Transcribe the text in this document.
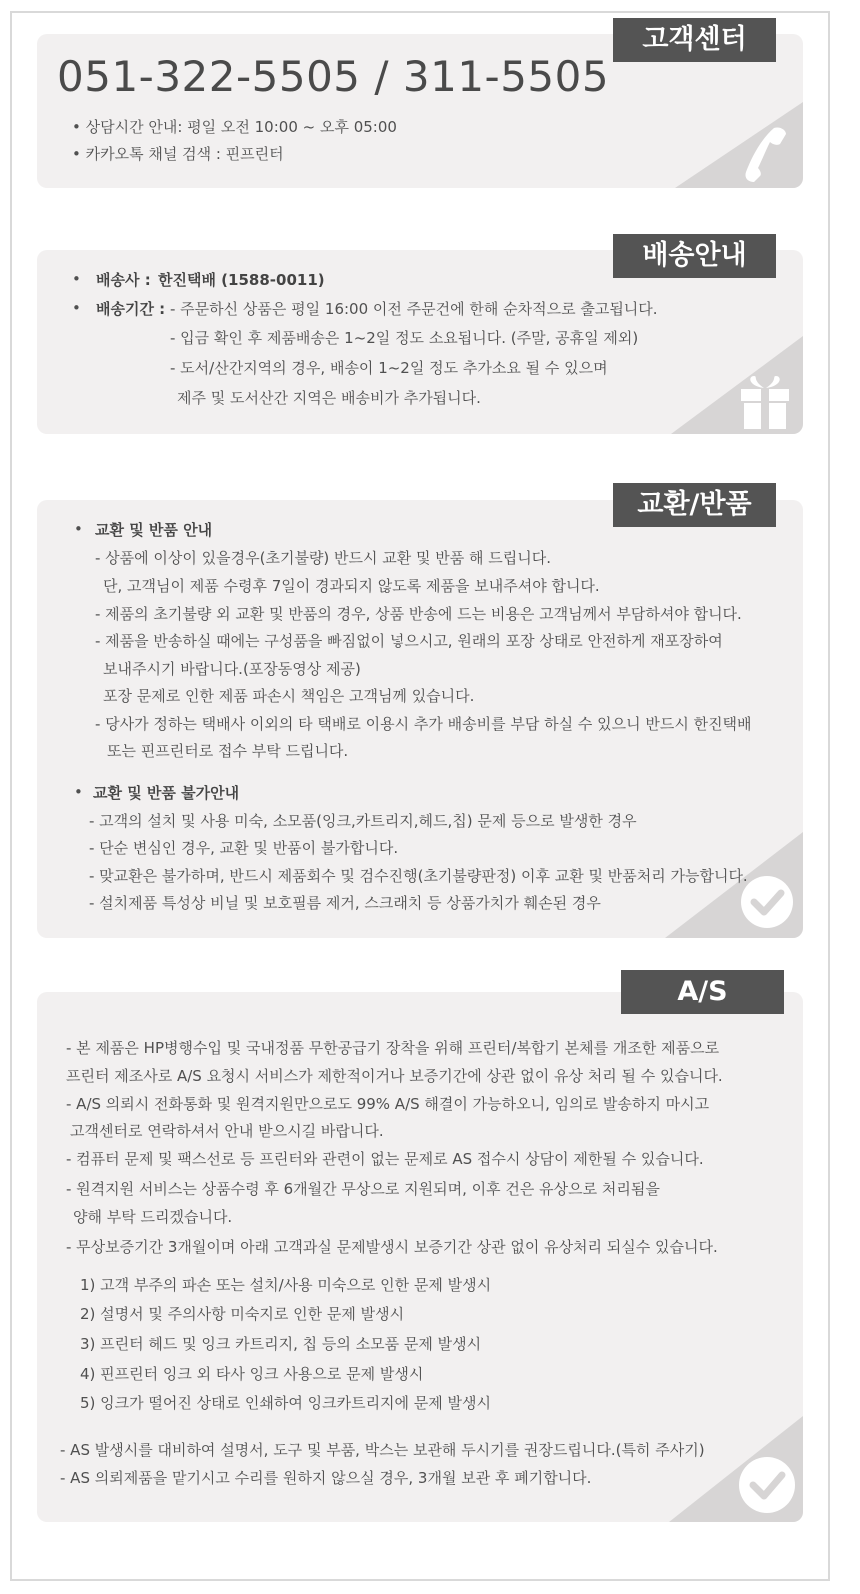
고객센터
051-322-5505 / 311-5505
• 상담시간 안내: 평일 오전 10:00 ~ 오후 05:00
• 카카오톡 채널 검색 : 핀프린터
배송안내
• 배송사 : 한진택배 (1588-0011)
• 배송기간 : - 주문하신 상품은 평일 16:00 이전 주문건에 한해 순차적으로 출고됩니다.
- 입금 확인 후 제품배송은 1~2일 정도 소요됩니다. (주말, 공휴일 제외)
- 도서/산간지역의 경우, 배송이 1~2일 정도 추가소요 될 수 있으며
제주 및 도서산간 지역은 배송비가 추가됩니다.
교환/반품
• 교환 및 반품 안내
- 상품에 이상이 있을경우(초기불량) 반드시 교환 및 반품 해 드립니다.
단, 고객님이 제품 수령후 7일이 경과되지 않도록 제품을 보내주셔야 합니다.
- 제품의 초기불량 외 교환 및 반품의 경우, 상품 반송에 드는 비용은 고객님께서 부담하셔야 합니다.
- 제품을 반송하실 때에는 구성품을 빠짐없이 넣으시고, 원래의 포장 상태로 안전하게 재포장하여
보내주시기 바랍니다.(포장동영상 제공)
포장 문제로 인한 제품 파손시 책임은 고객님께 있습니다.
- 당사가 정하는 택배사 이외의 타 택배로 이용시 추가 배송비를 부담 하실 수 있으니 반드시 한진택배
또는 핀프린터로 접수 부탁 드립니다.
• 교환 및 반품 불가안내
- 고객의 설치 및 사용 미숙, 소모품(잉크,카트리지,헤드,칩) 문제 등으로 발생한 경우
- 단순 변심인 경우, 교환 및 반품이 불가합니다.
- 맞교환은 불가하며, 반드시 제품회수 및 검수진행(초기불량판정) 이후 교환 및 반품처리 가능합니다.
- 설치제품 특성상 비닐 및 보호필름 제거, 스크래치 등 상품가치가 훼손된 경우
A/S
- 본 제품은 HP병행수입 및 국내정품 무한공급기 장착을 위해 프린터/복합기 본체를 개조한 제품으로
프린터 제조사로 A/S 요청시 서비스가 제한적이거나 보증기간에 상관 없이 유상 처리 될 수 있습니다.
- A/S 의뢰시 전화통화 및 원격지원만으로도 99% A/S 해결이 가능하오니, 임의로 발송하지 마시고
고객센터로 연락하셔서 안내 받으시길 바랍니다.
- 컴퓨터 문제 및 팩스선로 등 프린터와 관련이 없는 문제로 AS 접수시 상담이 제한될 수 있습니다.
- 원격지원 서비스는 상품수령 후 6개월간 무상으로 지원되며, 이후 건은 유상으로 처리됨을
양해 부탁 드리겠습니다.
- 무상보증기간 3개월이며 아래 고객과실 문제발생시 보증기간 상관 없이 유상처리 되실수 있습니다.
1) 고객 부주의 파손 또는 설치/사용 미숙으로 인한 문제 발생시
2) 설명서 및 주의사항 미숙지로 인한 문제 발생시
3) 프린터 헤드 및 잉크 카트리지, 칩 등의 소모품 문제 발생시
4) 핀프린터 잉크 외 타사 잉크 사용으로 문제 발생시
5) 잉크가 떨어진 상태로 인쇄하여 잉크카트리지에 문제 발생시
- AS 발생시를 대비하여 설명서, 도구 및 부품, 박스는 보관해 두시기를 권장드립니다.(특히 주사기)
- AS 의뢰제품을 맡기시고 수리를 원하지 않으실 경우, 3개월 보관 후 폐기합니다.
